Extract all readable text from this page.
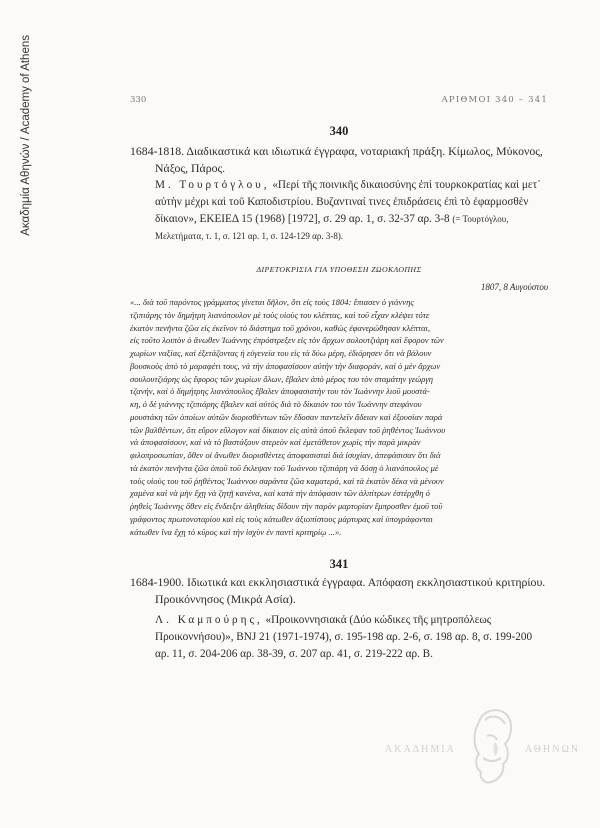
Ακαδημία Αθηνών / Academy of Athens	330	ΑΡΙΘΜΟΙ 340 – 341
340

1684-1818. Διαδικαστικά και ιδιωτικά έγγραφα, νοταριακή πράξη. Κίμωλος, Μύκονος, Νάξος, Πάρος.

Μ. Τουρτόγλου, «Περί τῆς ποινικῆς δικαιοσύνης ἐπὶ τουρκοκρατίας καὶ μετ᾽ αὐτὴν μέχρι καὶ τοῦ Καποδιστρίου. Βυζαντιναί τινες ἐπιδράσεις ἐπὶ τὸ ἐφαρμοσθὲν δίκαιον», ΕΚΕΙΕΔ 15 (1968) [1972], σ. 29 αρ. 1, σ. 32-37 αρ. 3-8 (= Τουρτόγλου, Μελετήματα, τ. 1, σ. 121 αρ. 1, σ. 124-129 αρ. 3-8).

ΔΙΡΕΤΟΚΡΙΣΙΑ ΓΙΑ ΥΠΟΘΕΣΗ ΖΩΟΚΛΟΠΗΣ
1807, 8 Αυγούστου
«... διὰ τοῦ παρόντος γράμματος γίνεται δῆλον, ὅτι εἰς τοὺς 1804: ἔπιασεν ὁ γιάννης
τζιπιάρης τὸν δημήτρη λιανόπουλον μὲ τοὺς υἱοὺς του κλέπτας, καὶ τοῦ εἶχαν κλέψει τότε
ἑκατὸν πενῆντα ζῶα εἰς ἐκεῖνον τὸ διάστημα τοῦ χρόνου, καθὼς ἐφανερώθησαν κλέπται,
εἰς τοῦτο λοιπὸν ὁ ἄνωθεν Ἰωάννης ἐπρόστρεξεν εἰς τὸν ἄρχων σολουτζιάρη καὶ ἔφορον τῶν
χωρίων ναξίας, καὶ ἐξετάζοντας ἡ εὐγενεία του εἰς τὰ δύω μέρη, ἐδιόρησεν ὅτι νὰ βάλουν
βουσκοὺς ἀπὸ τὸ μαραφέτι τους, νὰ τὴν ἀποφασίσουν αὐτὴν τὴν διαφοράν, καὶ ὁ μὲν ἄρχων
σουλουτζιάρης ὡς ἔφορος τῶν χωρίων ὅλων, ἔβαλεν ἀπὸ μέρος του τὸν σταμάτην γεώργη
τζανήν, καὶ ὁ δημήτρης λιανόπουλος ἔβαλεν ἀποφασιστὴν του τὸν Ἰωάννην λιοῦ μουστά-
κη, ὁ δὲ γιάννης τζιπιάρης ἔβαλεν καὶ αὐτὸς διὰ τὸ δίκαιόν του τὸν Ἰωάννην στεφάνου
μουστάκη τῶν ὁποίων αὐτῶν διορισθέντων τῶν ἔδοσαν παντελεῖν ἄδειαν καὶ ἐξουσίαν παρὰ
τῶν βαλθέντων, ὅτι εὕρον εὔλογον καὶ δίκαιον εἰς αὐτὰ ὁποῦ ἔκλεψαν τοῦ ῥηθέντος Ἰωάννου
νὰ ἀποφασίσουν, καὶ νὰ τὸ βαστάξουν στερεὸν καὶ ἐμετάθετον χωρὶς τὴν παρὰ μικρὰν
φιλοπροσωπίαν, ὅθεν οἱ ἄνωθεν διορισθέντες ἀποφασισταὶ διὰ ἰσυχίαν, ἀπεφάσισαν ὅτι διὰ
τὰ ἑκατὸν πενῆντα ζῶα ὁποῦ τοῦ ἔκλεψαν τοῦ Ἰωάννου τζιπιάρη νὰ δόσῃ ὁ λιανόπουλος μὲ
τοὺς υἱοὺς του τοῦ ῥηθέντος Ἰωάννου σαράντα ζῶα καματερά, καὶ τὰ ἑκατὸν δέκα νὰ μένουν
χαμένα καὶ νὰ μὴν ἔχῃ νὰ ζητῇ κανένα, καὶ κατὰ τὴν ἀπόφασιν τῶν ἀλπίτρων ἐστέρχθη ὁ
ῥηθεὶς Ἰωάννης ὅθεν εἰς ἔνδειξιν ἀληθείας δίδουν τὴν παρὸν μαρτυρίαν ἔμπροσθεν ἐμοῦ τοῦ
γράφοντος πρωτονοταρίου καὶ εἰς τοὺς κάτωθεν ἀξιοπίστους μάρτυρας καὶ ὑπογράφονται
κάτωθεν ἵνα ἔχῃ τὸ κῦρος καὶ τὴν ἰσχὺν ἐν παντὶ κριτηρίῳ ...».
341

1684-1900. Ιδιωτικά και εκκλησιαστικά έγγραφα. Απόφαση εκκλησιαστικού κριτηρίου. Προικόννησος (Μικρά Ασία).

Λ. Καμπούρης, «Προικοννησιακά (Δύο κώδικες τῆς μητροπόλεως Προικοννήσου)», BNJ 21 (1971-1974), σ. 195-198 αρ. 2-6, σ. 198 αρ. 8, σ. 199-200 αρ. 11, σ. 204-206 αρ. 38-39, σ. 207 αρ. 41, σ. 219-222 αρ. Β.

ΑΚΑΔΗΜΙΑ	ΑΘΗΝΩΝ
